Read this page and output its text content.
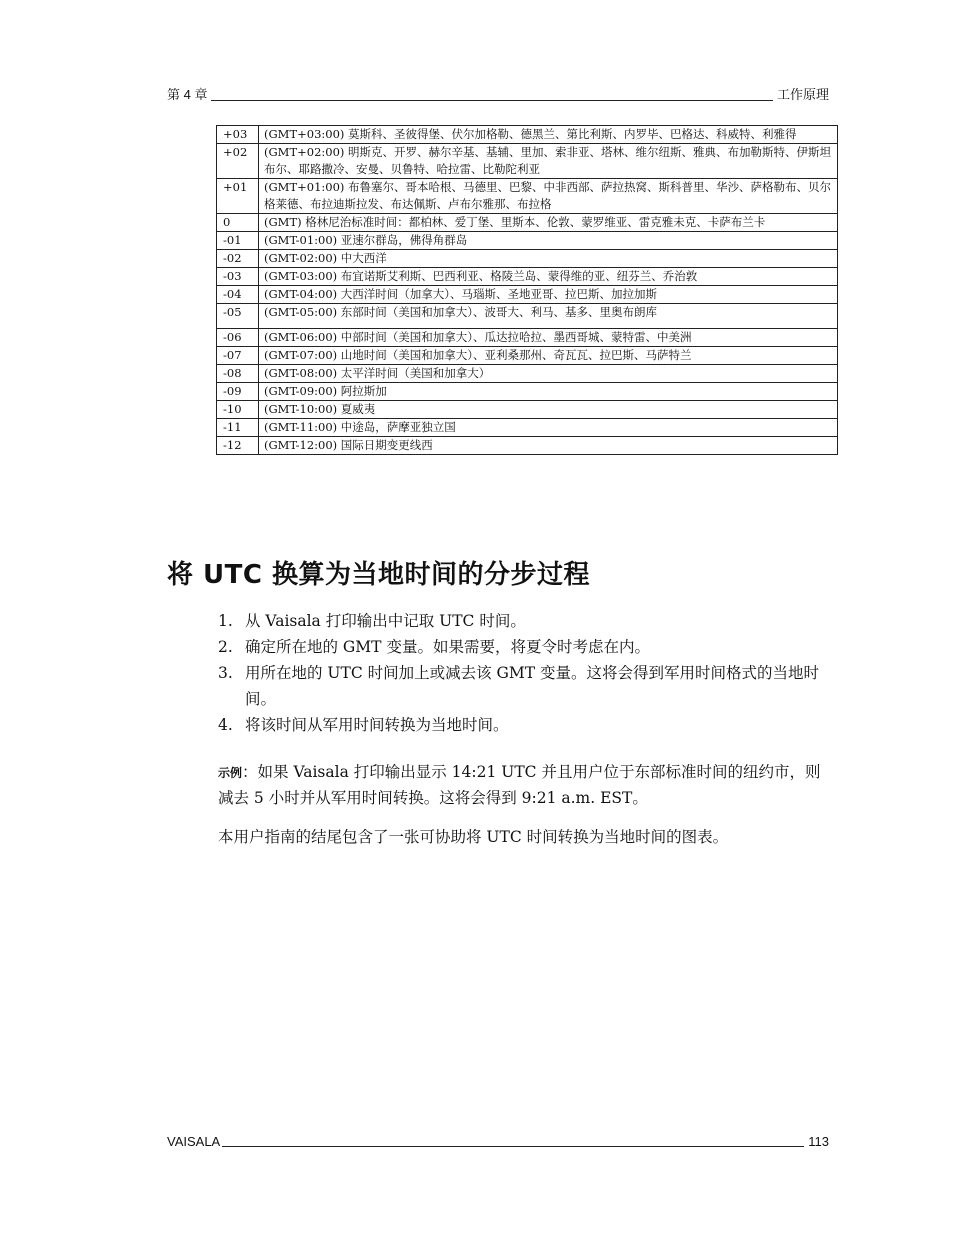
第 4 章	工作原理
+03	(GMT+03:00) 莫斯科、圣彼得堡、伏尔加格勒、德黑兰、第比利斯、内罗毕、巴格达、科威特、利雅得
+02	(GMT+02:00) 明斯克、开罗、赫尔辛基、基辅、里加、索非亚、塔林、维尔纽斯、雅典、布加勒斯特、伊斯坦布尔、耶路撒冷、安曼、贝鲁特、哈拉雷、比勒陀利亚
+01	(GMT+01:00) 布鲁塞尔、哥本哈根、马德里、巴黎、中非西部、萨拉热窝、斯科普里、华沙、萨格勒布、贝尔格莱德、布拉迪斯拉发、布达佩斯、卢布尔雅那、布拉格
0	(GMT) 格林尼治标准时间：都柏林、爱丁堡、里斯本、伦敦、蒙罗维亚、雷克雅未克、卡萨布兰卡
-01	(GMT-01:00) 亚速尔群岛，佛得角群岛
-02	(GMT-02:00) 中大西洋
-03	(GMT-03:00) 布宜诺斯艾利斯、巴西利亚、格陵兰岛、蒙得维的亚、纽芬兰、乔治敦
-04	(GMT-04:00) 大西洋时间（加拿大）、马瑙斯、圣地亚哥、拉巴斯、加拉加斯
-05	(GMT-05:00) 东部时间（美国和加拿大）、波哥大、利马、基多、里奥布朗库
-06	(GMT-06:00) 中部时间（美国和加拿大）、瓜达拉哈拉、墨西哥城、蒙特雷、中美洲
-07	(GMT-07:00) 山地时间（美国和加拿大）、亚利桑那州、奇瓦瓦、拉巴斯、马萨特兰
-08	(GMT-08:00) 太平洋时间（美国和加拿大）
-09	(GMT-09:00) 阿拉斯加
-10	(GMT-10:00) 夏威夷
-11	(GMT-11:00) 中途岛，萨摩亚独立国
-12	(GMT-12:00) 国际日期变更线西
将 UTC 换算为当地时间的分步过程
1. 从 Vaisala 打印输出中记取 UTC 时间。
2. 确定所在地的 GMT 变量。如果需要，将夏令时考虑在内。
3. 用所在地的 UTC 时间加上或减去该 GMT 变量。这将会得到军用时间格式的当地时间。
4. 将该时间从军用时间转换为当地时间。

示例：如果 Vaisala 打印输出显示 14:21 UTC 并且用户位于东部标准时间的纽约市，则减去 5 小时并从军用时间转换。这将会得到 9:21 a.m. EST。

本用户指南的结尾包含了一张可协助将 UTC 时间转换为当地时间的图表。

VAISALA	113
